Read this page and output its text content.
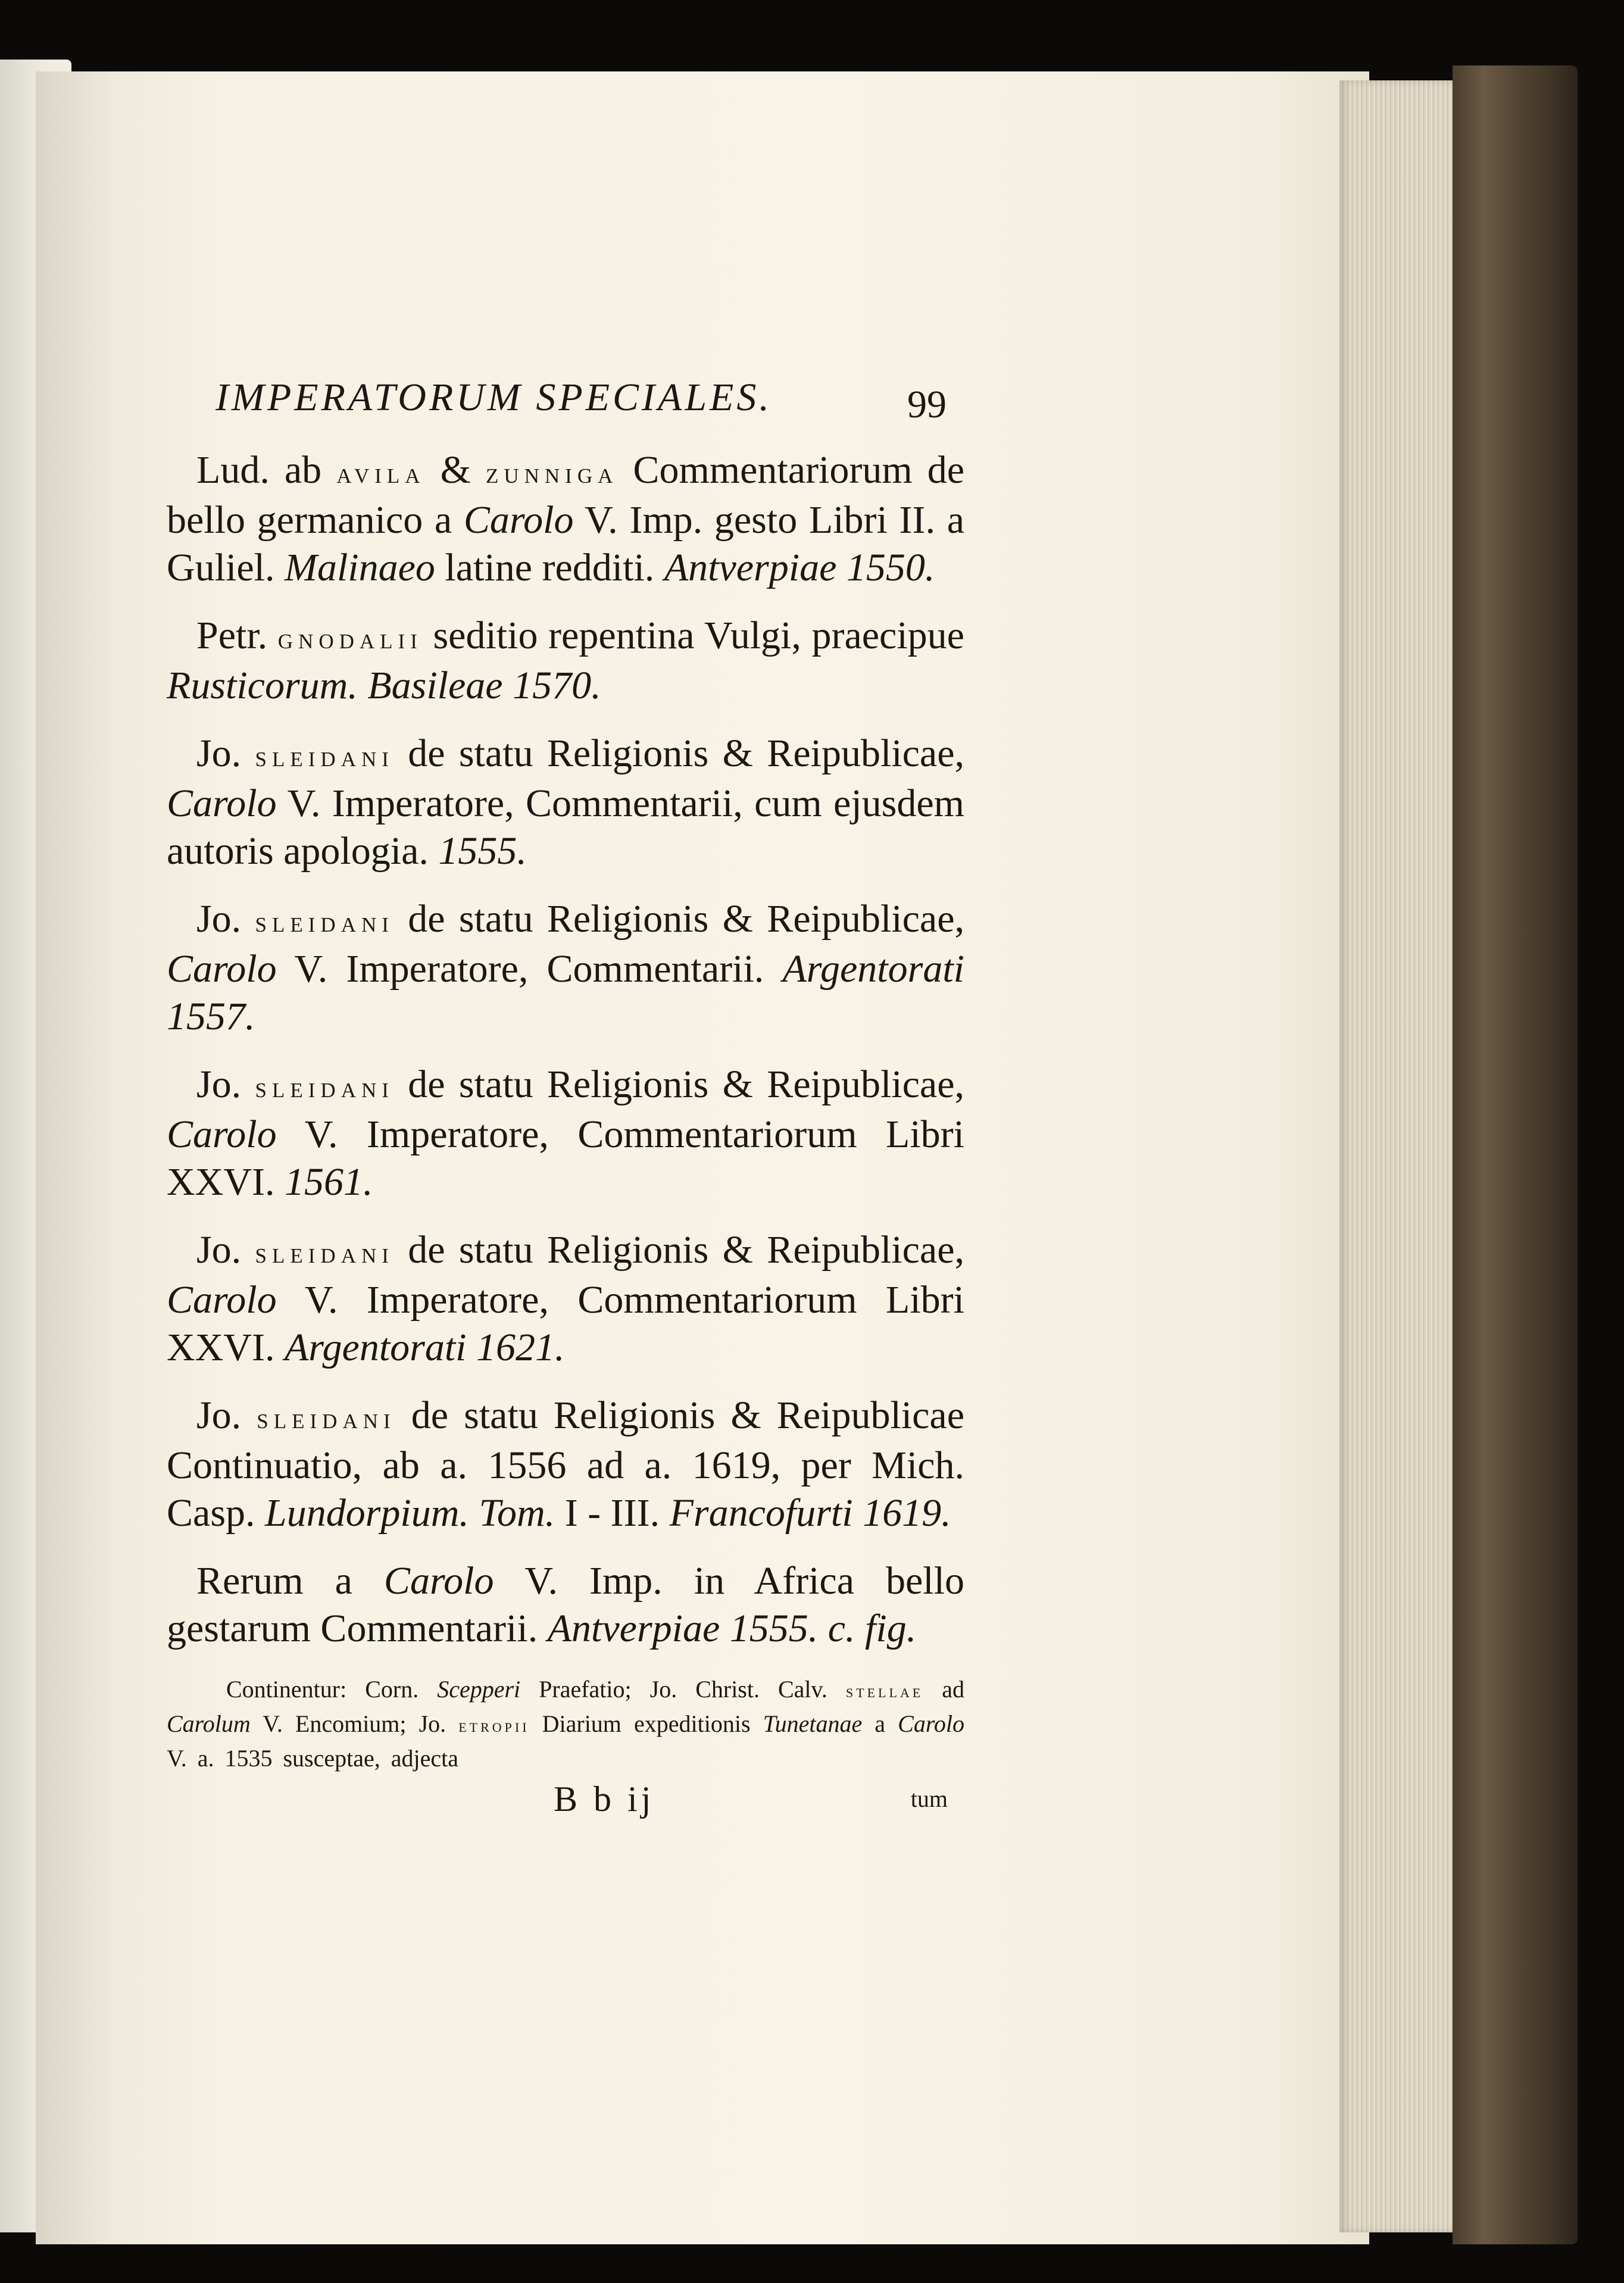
IMPERATORUM SPECIALES.	99

Lud. ab avila & zunniga Commentariorum de bello germanico a Carolo V. Imp. gesto Libri II. a Guliel. Malinaeo latine redditi. Antverpiae 1550.

Petr. gnodalii seditio repentina Vulgi, praecipue Rusticorum. Basileae 1570.

Jo. sleidani de statu Religionis & Reipublicae, Carolo V. Imperatore, Commentarii, cum ejusdem autoris apologia. 1555.

Jo. sleidani de statu Religionis & Reipublicae, Carolo V. Imperatore, Commentarii. Argentorati 1557.

Jo. sleidani de statu Religionis & Reipublicae, Carolo V. Imperatore, Commentariorum Libri XXVI. 1561.

Jo. sleidani de statu Religionis & Reipublicae, Carolo V. Imperatore, Commentariorum Libri XXVI. Argentorati 1621.

Jo. sleidani de statu Religionis & Reipublicae Continuatio, ab a. 1556 ad a. 1619, per Mich. Casp. Lundorpium. Tom. I - III. Francofurti 1619.

Rerum a Carolo V. Imp. in Africa bello gestarum Commentarii. Antverpiae 1555. c. fig.

Continentur: Corn. Scepperi Praefatio; Jo. Christ. Calv. stellae ad Carolum V. Encomium; Jo. etropii Diarium expeditionis Tunetanae a Carolo V. a. 1535 susceptae, adjecta
B b ij	tum
